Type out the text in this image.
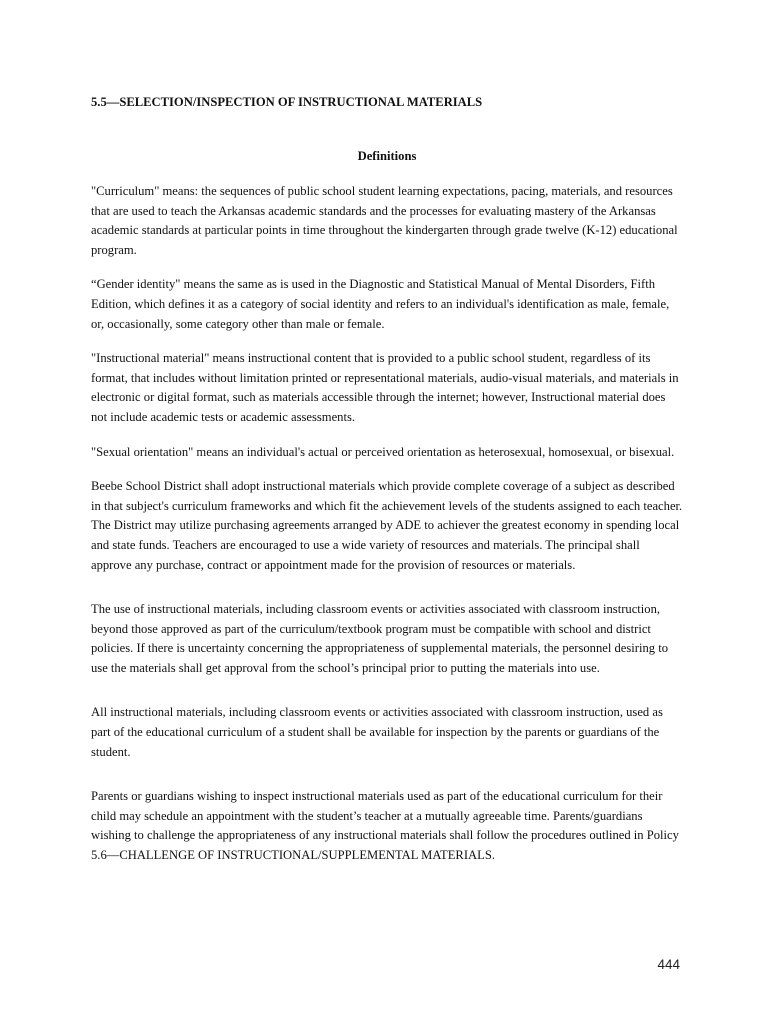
5.5—SELECTION/INSPECTION OF INSTRUCTIONAL MATERIALS

Definitions

"Curriculum" means: the sequences of public school student learning expectations, pacing, materials, and resources that are used to teach the Arkansas academic standards and the processes for evaluating mastery of the Arkansas academic standards at particular points in time throughout the kindergarten through grade twelve (K-12) educational program.

“Gender identity" means the same as is used in the Diagnostic and Statistical Manual of Mental Disorders, Fifth Edition, which defines it as a category of social identity and refers to an individual's identification as male, female, or, occasionally, some category other than male or female.

"Instructional material" means instructional content that is provided to a public school student, regardless of its format, that includes without limitation printed or representational materials, audio-visual materials, and materials in electronic or digital format, such as materials accessible through the internet; however, Instructional material does not include academic tests or academic assessments.

"Sexual orientation" means an individual's actual or perceived orientation as heterosexual, homosexual, or bisexual.

Beebe School District shall adopt instructional materials which provide complete coverage of a subject as described in that subject's curriculum frameworks and which fit the achievement levels of the students assigned to each teacher. The District may utilize purchasing agreements arranged by ADE to achiever the greatest economy in spending local and state funds. Teachers are encouraged to use a wide variety of resources and materials. The principal shall approve any purchase, contract or appointment made for the provision of resources or materials.

The use of instructional materials, including classroom events or activities associated with classroom instruction, beyond those approved as part of the curriculum/textbook program must be compatible with school and district policies. If there is uncertainty concerning the appropriateness of supplemental materials, the personnel desiring to use the materials shall get approval from the school’s principal prior to putting the materials into use.

All instructional materials, including classroom events or activities associated with classroom instruction, used as part of the educational curriculum of a student shall be available for inspection by the parents or guardians of the student.

Parents or guardians wishing to inspect instructional materials used as part of the educational curriculum for their child may schedule an appointment with the student’s teacher at a mutually agreeable time. Parents/guardians wishing to challenge the appropriateness of any instructional materials shall follow the procedures outlined in Policy 5.6—CHALLENGE OF INSTRUCTIONAL/SUPPLEMENTAL MATERIALS.

444
